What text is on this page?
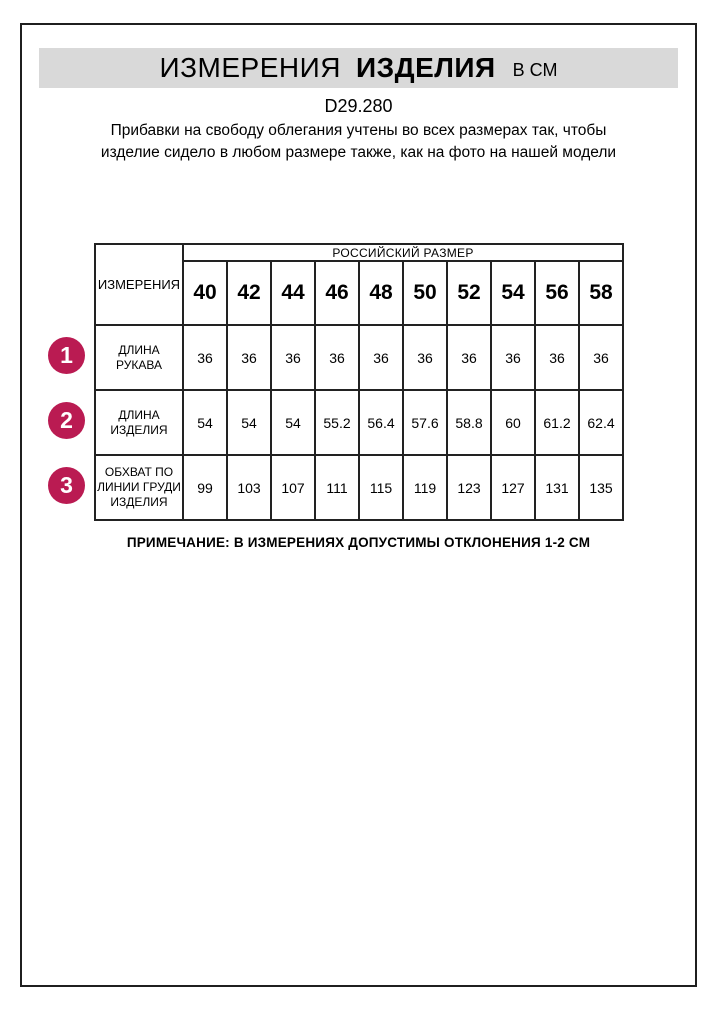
ИЗМЕРЕНИЯ ИЗДЕЛИЯ В СМ
D29.280

Прибавки на свободу облегания учтены во всех размерах так, чтобы изделие сидело в любом размере также, как на фото на нашей модели

1
2
3
ИЗМЕРЕНИЯ	РОССИЙСКИЙ РАЗМЕР									
	40	42	44	46	48	50	52	54	56	58
ДЛИНА РУКАВА	36	36	36	36	36	36	36	36	36	36
ДЛИНА ИЗДЕЛИЯ	54	54	54	55.2	56.4	57.6	58.8	60	61.2	62.4
ОБХВАТ ПО ЛИНИИ ГРУДИ ИЗДЕЛИЯ	99	103	107	111	115	119	123	127	131	135
ПРИМЕЧАНИЕ: В ИЗМЕРЕНИЯХ ДОПУСТИМЫ ОТКЛОНЕНИЯ 1-2 СМ
